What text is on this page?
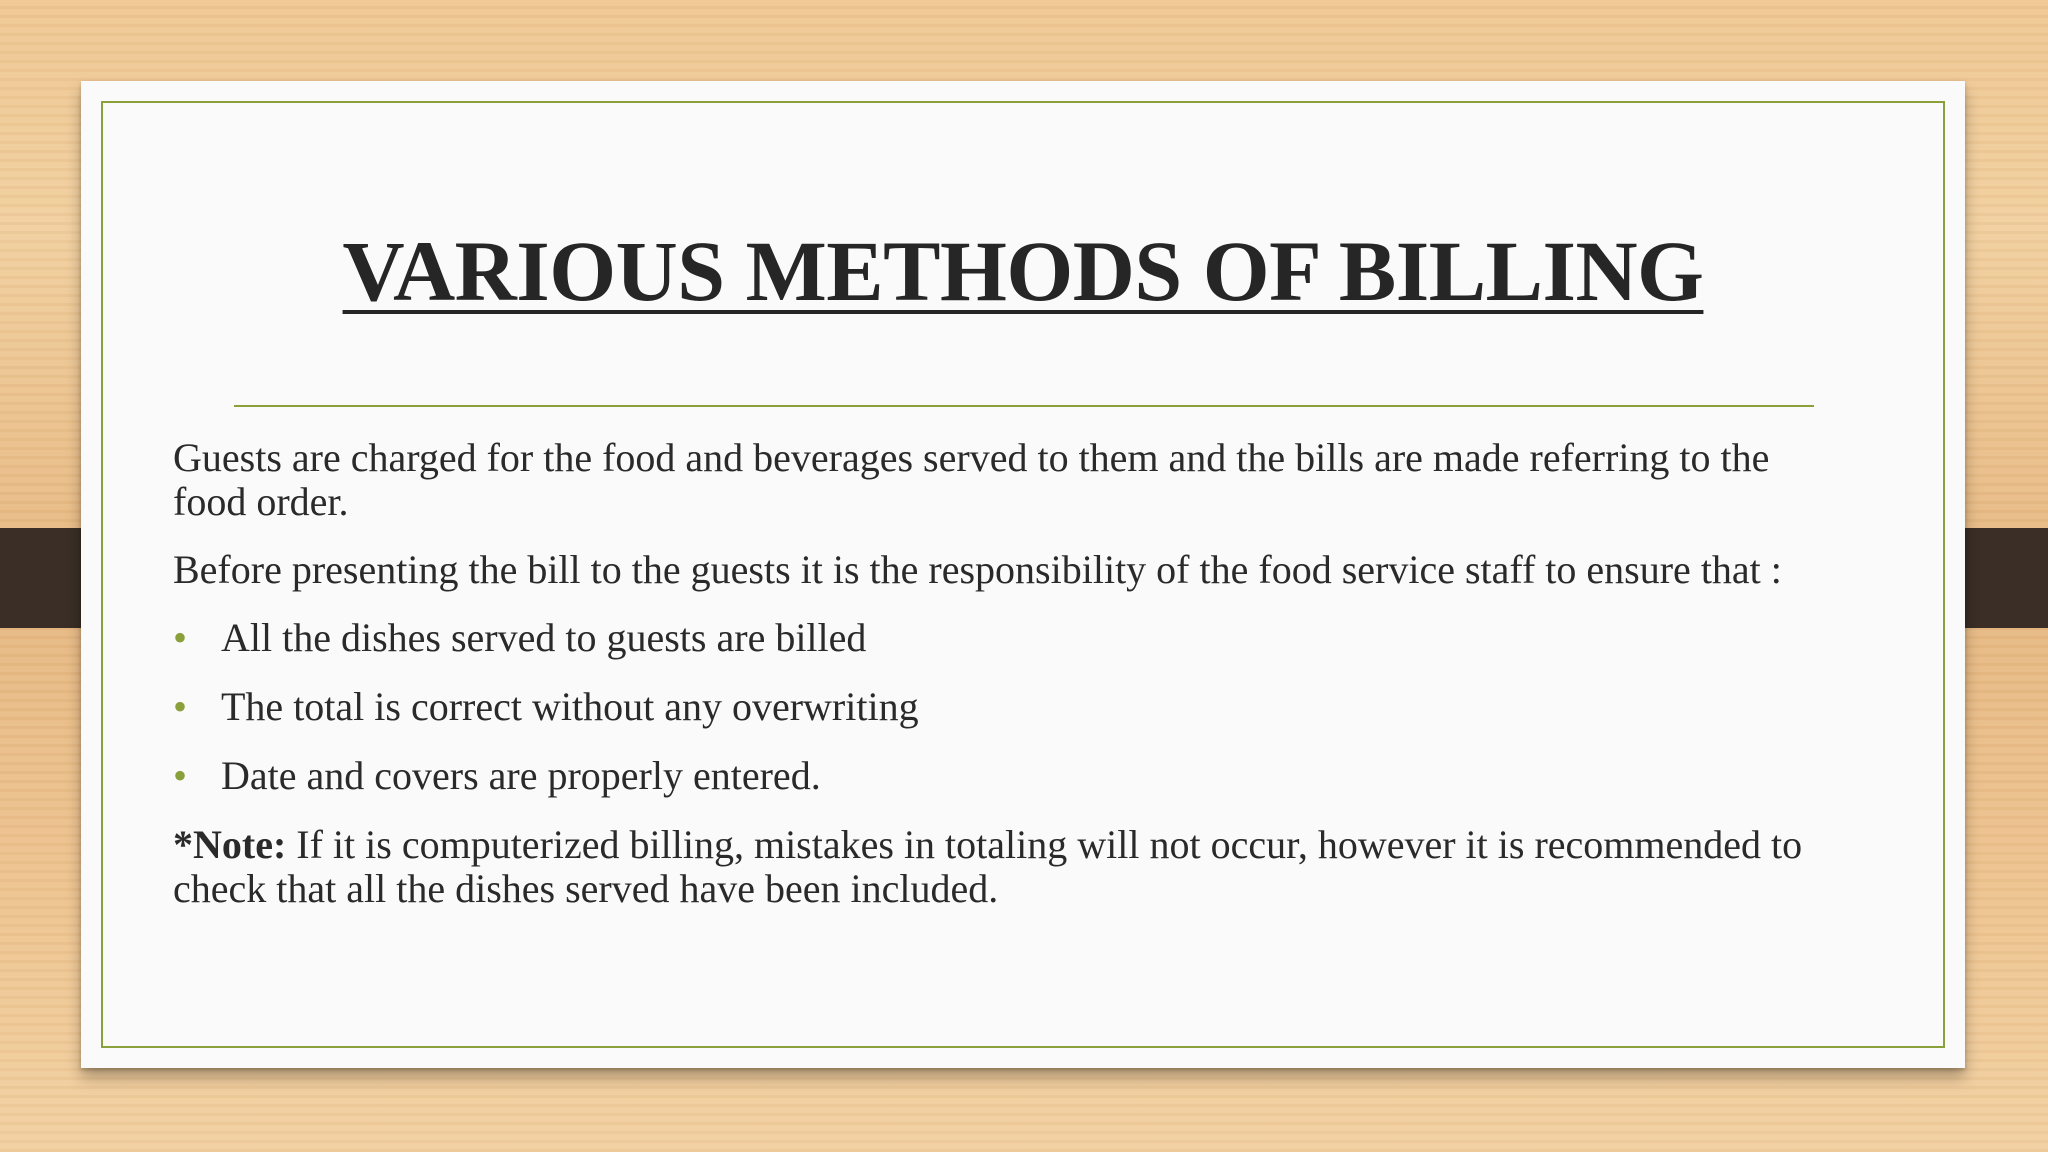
VARIOUS METHODS OF BILLING

Guests are charged for the food and beverages served to them and the bills are made referring to the food order.

Before presenting the bill to the guests it is the responsibility of the food service staff to ensure that :

• All the dishes served to guests are billed
• The total is correct without any overwriting
• Date and covers are properly entered.

*Note: If it is computerized billing, mistakes in totaling will not occur, however it is recommended to check that all the dishes served have been included.
